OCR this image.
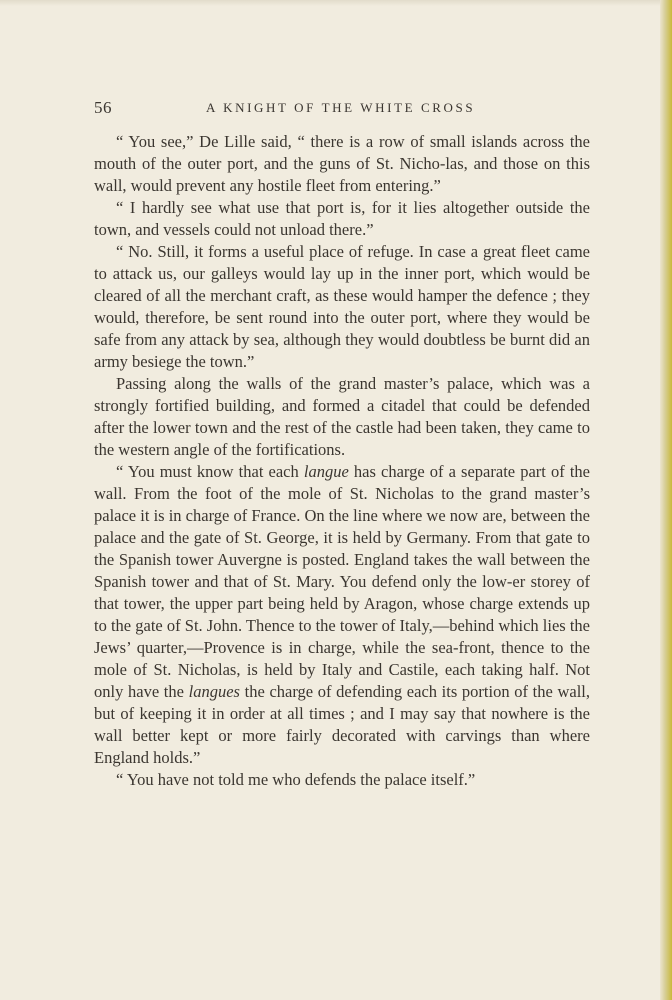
56	A KNIGHT OF THE WHITE CROSS

“ You see,” De Lille said, “ there is a row of small islands across the mouth of the outer port, and the guns of St. Nicho-las, and those on this wall, would prevent any hostile fleet from entering.”

“ I hardly see what use that port is, for it lies altogether outside the town, and vessels could not unload there.”

“ No. Still, it forms a useful place of refuge. In case a great fleet came to attack us, our galleys would lay up in the inner port, which would be cleared of all the merchant craft, as these would hamper the defence ; they would, therefore, be sent round into the outer port, where they would be safe from any attack by sea, although they would doubtless be burnt did an army besiege the town.”

Passing along the walls of the grand master’s palace, which was a strongly fortified building, and formed a citadel that could be defended after the lower town and the rest of the castle had been taken, they came to the western angle of the fortifications.

“ You must know that each langue has charge of a separate part of the wall. From the foot of the mole of St. Nicholas to the grand master’s palace it is in charge of France. On the line where we now are, between the palace and the gate of St. George, it is held by Germany. From that gate to the Spanish tower Auvergne is posted. England takes the wall between the Spanish tower and that of St. Mary. You defend only the low-er storey of that tower, the upper part being held by Aragon, whose charge extends up to the gate of St. John. Thence to the tower of Italy,—behind which lies the Jews’ quarter,—Provence is in charge, while the sea-front, thence to the mole of St. Nicholas, is held by Italy and Castile, each taking half. Not only have the langues the charge of defending each its portion of the wall, but of keeping it in order at all times ; and I may say that nowhere is the wall better kept or more fairly decorated with carvings than where England holds.”

“ You have not told me who defends the palace itself.”
